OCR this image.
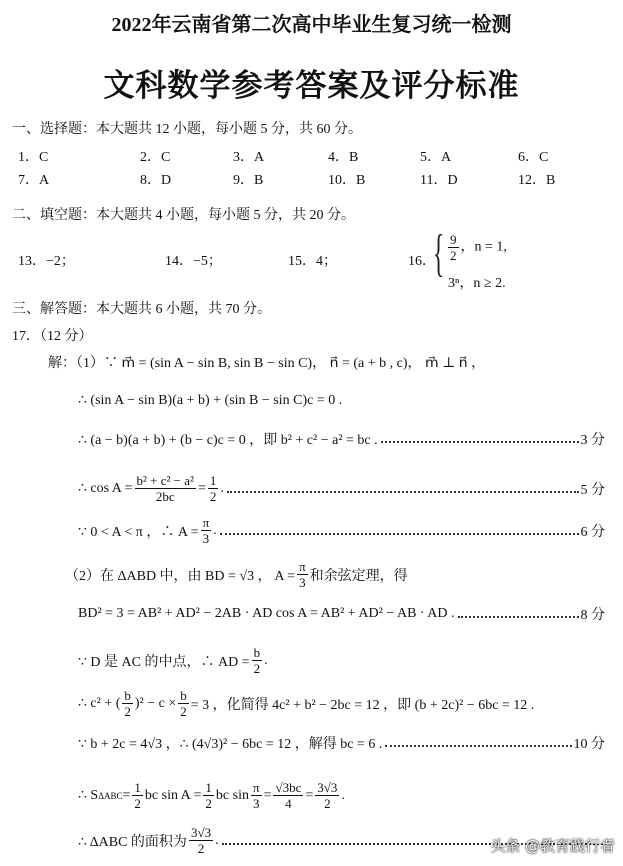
2022年云南省第二次高中毕业生复习统一检测
文科数学参考答案及评分标准
一、选择题：本大题共 12 小题，每小题 5 分，共 60 分。
1．C	2．C	3．A	4．B	5．A	6．C
7．A	8．D	9．B	10．B	11．D	12．B
二、填空题：本大题共 4 小题，每小题 5 分，共 20 分。
13．−2；	14．−5；	15．4；	16．
{ $\frac{9}{2}$ ，n = 1,
3ⁿ，n ≥ 2.
三、解答题：本大题共 6 小题，共 70 分。
17．（12 分）
解：（1）∵ m⃗ = (sin A − sin B, sin B − sin C)， n⃗ = (a + b , c)， m⃗ ⊥ n⃗ ，
∴ (sin A − sin B)(a + b) + (sin B − sin C)c = 0 .
∴ (a − b)(a + b) + (b − c)c = 0 ，即 b² + c² − a² = bc .	3 分
∴ $\cos A = \frac{\text{b² + c² − a²}}{2bc} = \frac{1}{2}$ .	5 分
∵ 0 < A < π ，∴ $A = \frac{\pi}{3}$ .	6 分
（2）在 ΔABD 中，由 BD = √3 ， $A = \frac{\pi}{3}$ 和余弦定理，得
BD² = 3 = AB² + AD² − 2AB · AD cos A = AB² + AD² − AB · AD .	8 分
∵ D 是 AC 的中点，∴ AD = $\frac{b}{2}$ .
∴ c² + ( $\frac{b}{2} )^2 - c \times \frac{b}{2} = 3$ ，化简得 4c² + b² − 2bc = 12 ，即 (b + 2c)² − 6bc = 12 .
∵ b + 2c = 4√3 ，∴ (4√3)² − 6bc = 12 ，解得 bc = 6 .	10 分
∴ S $\Delta ABC = \frac{1}{2}$ bc $\sin A = \frac{1}{2}$ bc $\sin \frac{\pi}{3} = \frac{√3bc}{4} = \frac{3√3}{2}$ .
∴ ΔABC 的面积为 $\frac{3√3}{2}$ .	头条 @教育践行者
